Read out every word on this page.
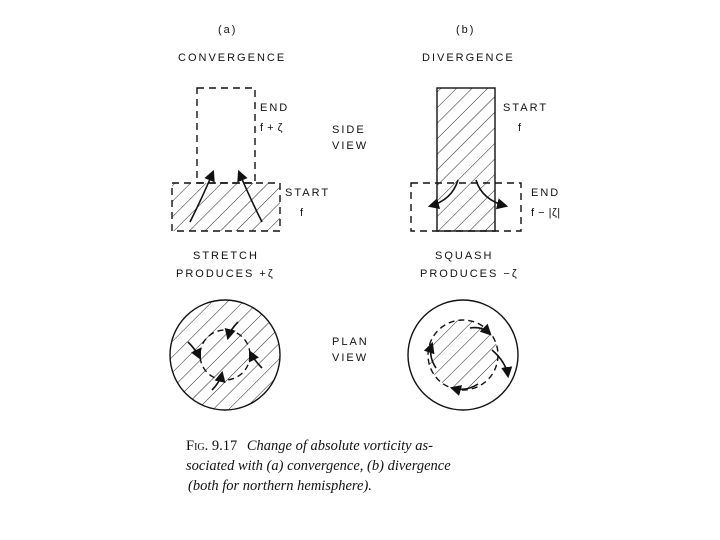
(a)
CONVERGENCE
(b)
DIVERGENCE
END
f + ζ
START
f
SIDE
VIEW
START
f
END
f − |ζ|
STRETCH
PRODUCES +ζ
SQUASH
PRODUCES −ζ
PLAN
VIEW
Fig. 9.17 Change of absolute vorticity as-
sociated with (a) convergence, (b) divergence
(both for northern hemisphere).
